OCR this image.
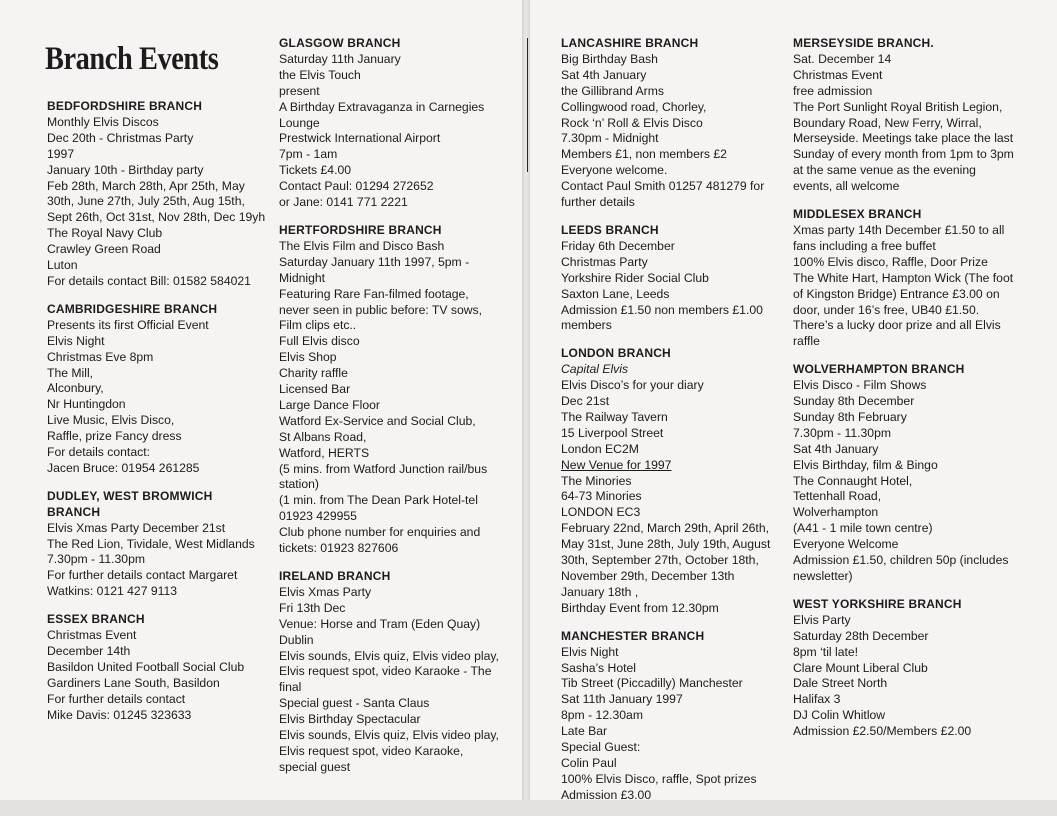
Branch Events
BEDFORDSHIRE BRANCH
Monthly Elvis Discos
Dec 20th - Christmas Party
1997
January 10th - Birthday party
Feb 28th, March 28th, Apr 25th, May 30th, June 27th, July 25th, Aug 15th, Sept 26th, Oct 31st, Nov 28th, Dec 19yh
The Royal Navy Club
Crawley Green Road
Luton
For details contact Bill: 01582 584021
CAMBRIDGESHIRE BRANCH
Presents its first Official Event
Elvis Night
Christmas Eve 8pm
The Mill,
Alconbury,
Nr Huntingdon
Live Music, Elvis Disco,
Raffle, prize Fancy dress
For details contact:
Jacen Bruce: 01954 261285
DUDLEY, WEST BROMWICH BRANCH
Elvis Xmas Party December 21st
The Red Lion, Tividale, West Midlands
7.30pm - 11.30pm
For further details contact Margaret Watkins: 0121 427 9113
ESSEX BRANCH
Christmas Event
December 14th
Basildon United Football Social Club
Gardiners Lane South, Basildon
For further details contact
Mike Davis: 01245 323633
GLASGOW BRANCH
Saturday 11th January
the Elvis Touch
present
A Birthday Extravaganza in Carnegies Lounge
Prestwick International Airport
7pm - 1am
Tickets £4.00
Contact Paul: 01294 272652
or Jane: 0141 771 2221
HERTFORDSHIRE BRANCH
The Elvis Film and Disco Bash
Saturday January 11th 1997, 5pm - Midnight
Featuring Rare Fan-filmed footage, never seen in public before: TV sows, Film clips etc..
Full Elvis disco
Elvis Shop
Charity raffle
Licensed Bar
Large Dance Floor
Watford Ex-Service and Social Club,
St Albans Road,
Watford, HERTS
(5 mins. from Watford Junction rail/bus station)
(1 min. from The Dean Park Hotel-tel 01923 429955
Club phone number for enquiries and tickets: 01923 827606
IRELAND BRANCH
Elvis Xmas Party
Fri 13th Dec
Venue: Horse and Tram (Eden Quay) Dublin
Elvis sounds, Elvis quiz, Elvis video play, Elvis request spot, video Karaoke - The final
Special guest - Santa Claus
Elvis Birthday Spectacular
Elvis sounds, Elvis quiz, Elvis video play, Elvis request spot, video Karaoke, special guest
LANCASHIRE BRANCH
Big Birthday Bash
Sat 4th January
the Gillibrand Arms
Collingwood road, Chorley,
Rock ‘n’ Roll & Elvis Disco
7.30pm - Midnight
Members £1, non members £2
Everyone welcome.
Contact Paul Smith 01257 481279 for further details
LEEDS BRANCH
Friday 6th December
Christmas Party
Yorkshire Rider Social Club
Saxton Lane, Leeds
Admission £1.50 non members £1.00 members
LONDON BRANCH
Capital Elvis
Elvis Disco’s for your diary
Dec 21st
The Railway Tavern
15 Liverpool Street
London EC2M
New Venue for 1997
The Minories
64-73 Minories
LONDON EC3
February 22nd, March 29th, April 26th, May 31st, June 28th, July 19th, August 30th, September 27th, October 18th, November 29th, December 13th
January 18th ,
Birthday Event from 12.30pm
MANCHESTER BRANCH
Elvis Night
Sasha’s Hotel
Tib Street (Piccadilly) Manchester
Sat 11th January 1997
8pm - 12.30am
Late Bar
Special Guest:
Colin Paul
100% Elvis Disco, raffle, Spot prizes
Admission £3.00
MERSEYSIDE BRANCH.
Sat. December 14
Christmas Event
free admission
The Port Sunlight Royal British Legion, Boundary Road, New Ferry, Wirral, Merseyside. Meetings take place the last Sunday of every month from 1pm to 3pm at the same venue as the evening events, all welcome
MIDDLESEX BRANCH
Xmas party 14th December £1.50 to all fans including a free buffet
100% Elvis disco, Raffle, Door Prize
The White Hart, Hampton Wick (The foot of Kingston Bridge) Entrance £3.00 on door, under 16’s free, UB40 £1.50. There’s a lucky door prize and all Elvis raffle
WOLVERHAMPTON BRANCH
Elvis Disco - Film Shows
Sunday 8th December
Sunday 8th February
7.30pm - 11.30pm
Sat 4th January
Elvis Birthday, film & Bingo
The Connaught Hotel,
Tettenhall Road,
Wolverhampton
(A41 - 1 mile town centre)
Everyone Welcome
Admission £1.50, children 50p (includes newsletter)
WEST YORKSHIRE BRANCH
Elvis Party
Saturday 28th December
8pm ‘til late!
Clare Mount Liberal Club
Dale Street North
Halifax 3
DJ Colin Whitlow
Admission £2.50/Members £2.00
